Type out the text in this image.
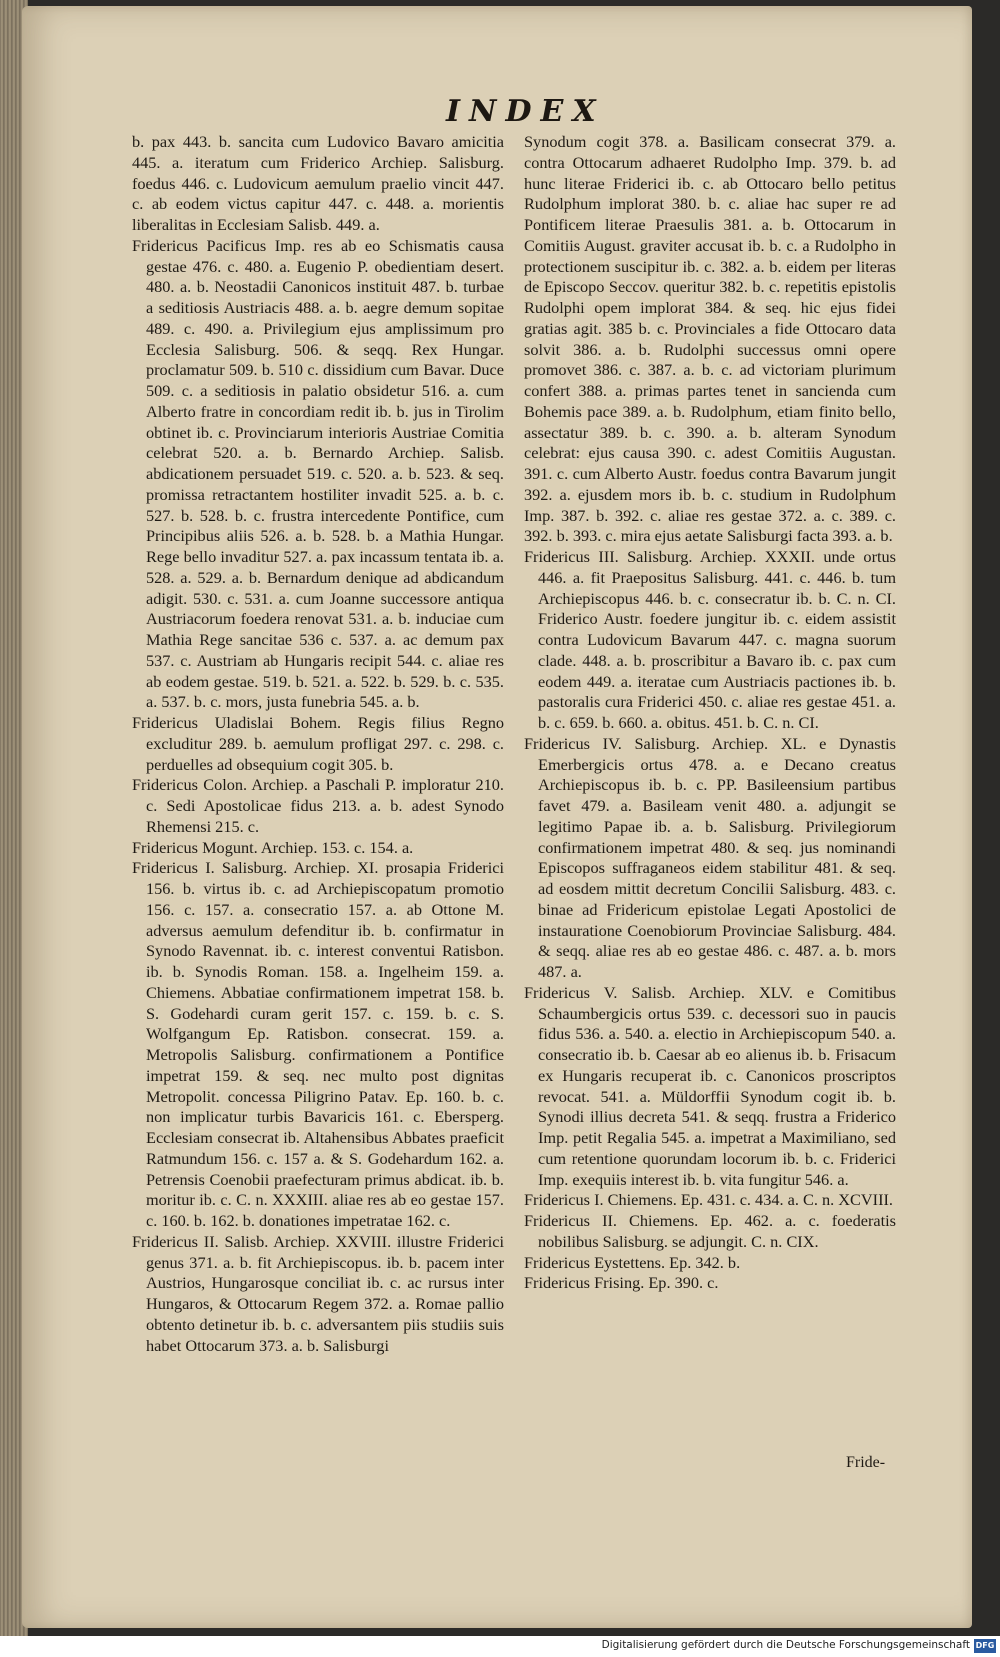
INDEX

b. pax 443. b. sancita cum Ludovico Bavaro amicitia 445. a. iteratum cum Friderico Archiep. Salisburg. foedus 446. c. Ludovicum aemulum praelio vincit 447. c. ab eodem victus capitur 447. c. 448. a. morientis liberalitas in Ecclesiam Salisb. 449. a.

Fridericus Pacificus Imp. res ab eo Schismatis causa gestae 476. c. 480. a. Eugenio P. obedientiam desert. 480. a. b. Neostadii Canonicos instituit 487. b. turbae a seditiosis Austriacis 488. a. b. aegre demum sopitae 489. c. 490. a. Privilegium ejus amplissimum pro Ecclesia Salisburg. 506. & seqq. Rex Hungar. proclamatur 509. b. 510 c. dissidium cum Bavar. Duce 509. c. a seditiosis in palatio obsidetur 516. a. cum Alberto fratre in concordiam redit ib. b. jus in Tirolim obtinet ib. c. Provinciarum interioris Austriae Comitia celebrat 520. a. b. Bernardo Archiep. Salisb. abdicationem persuadet 519. c. 520. a. b. 523. & seq. promissa retractantem hostiliter invadit 525. a. b. c. 527. b. 528. b. c. frustra intercedente Pontifice, cum Principibus aliis 526. a. b. 528. b. a Mathia Hungar. Rege bello invaditur 527. a. pax incassum tentata ib. a. 528. a. 529. a. b. Bernardum denique ad abdicandum adigit. 530. c. 531. a. cum Joanne successore antiqua Austriacorum foedera renovat 531. a. b. induciae cum Mathia Rege sancitae 536 c. 537. a. ac demum pax 537. c. Austriam ab Hungaris recipit 544. c. aliae res ab eodem gestae. 519. b. 521. a. 522. b. 529. b. c. 535. a. 537. b. c. mors, justa funebria 545. a. b.

Fridericus Uladislai Bohem. Regis filius Regno excluditur 289. b. aemulum profligat 297. c. 298. c. perduelles ad obsequium cogit 305. b.

Fridericus Colon. Archiep. a Paschali P. imploratur 210. c. Sedi Apostolicae fidus 213. a. b. adest Synodo Rhemensi 215. c.

Fridericus Mogunt. Archiep. 153. c. 154. a.

Fridericus I. Salisburg. Archiep. XI. prosapia Friderici 156. b. virtus ib. c. ad Archiepiscopatum promotio 156. c. 157. a. consecratio 157. a. ab Ottone M. adversus aemulum defenditur ib. b. confirmatur in Synodo Ravennat. ib. c. interest conventui Ratisbon. ib. b. Synodis Roman. 158. a. Ingelheim 159. a. Chiemens. Abbatiae confirmationem impetrat 158. b. S. Godehardi curam gerit 157. c. 159. b. c. S. Wolfgangum Ep. Ratisbon. consecrat. 159. a. Metropolis Salisburg. confirmationem a Pontifice impetrat 159. & seq. nec multo post dignitas Metropolit. concessa Piligrino Patav. Ep. 160. b. c. non implicatur turbis Bavaricis 161. c. Ebersperg. Ecclesiam consecrat ib. Altahensibus Abbates praeficit Ratmundum 156. c. 157 a. & S. Godehardum 162. a. Petrensis Coenobii praefecturam primus abdicat. ib. b. moritur ib. c. C. n. XXXIII. aliae res ab eo gestae 157. c. 160. b. 162. b. donationes impetratae 162. c.

Fridericus II. Salisb. Archiep. XXVIII. illustre Friderici genus 371. a. b. fit Archiepiscopus. ib. b. pacem inter Austrios, Hungarosque conciliat ib. c. ac rursus inter Hungaros, & Ottocarum Regem 372. a. Romae pallio obtento detinetur ib. b. c. adversantem piis studiis suis habet Ottocarum 373. a. b. Salisburgi

Synodum cogit 378. a. Basilicam consecrat 379. a. contra Ottocarum adhaeret Rudolpho Imp. 379. b. ad hunc literae Friderici ib. c. ab Ottocaro bello petitus Rudolphum implorat 380. b. c. aliae hac super re ad Pontificem literae Praesulis 381. a. b. Ottocarum in Comitiis August. graviter accusat ib. b. c. a Rudolpho in protectionem suscipitur ib. c. 382. a. b. eidem per literas de Episcopo Seccov. queritur 382. b. c. repetitis epistolis Rudolphi opem implorat 384. & seq. hic ejus fidei gratias agit. 385 b. c. Provinciales a fide Ottocaro data solvit 386. a. b. Rudolphi successus omni opere promovet 386. c. 387. a. b. c. ad victoriam plurimum confert 388. a. primas partes tenet in sancienda cum Bohemis pace 389. a. b. Rudolphum, etiam finito bello, assectatur 389. b. c. 390. a. b. alteram Synodum celebrat: ejus causa 390. c. adest Comitiis Augustan. 391. c. cum Alberto Austr. foedus contra Bavarum jungit 392. a. ejusdem mors ib. b. c. studium in Rudolphum Imp. 387. b. 392. c. aliae res gestae 372. a. c. 389. c. 392. b. 393. c. mira ejus aetate Salisburgi facta 393. a. b.

Fridericus III. Salisburg. Archiep. XXXII. unde ortus 446. a. fit Praepositus Salisburg. 441. c. 446. b. tum Archiepiscopus 446. b. c. consecratur ib. b. C. n. CI. Friderico Austr. foedere jungitur ib. c. eidem assistit contra Ludovicum Bavarum 447. c. magna suorum clade. 448. a. b. proscribitur a Bavaro ib. c. pax cum eodem 449. a. iteratae cum Austriacis pactiones ib. b. pastoralis cura Friderici 450. c. aliae res gestae 451. a. b. c. 659. b. 660. a. obitus. 451. b. C. n. CI.

Fridericus IV. Salisburg. Archiep. XL. e Dynastis Emerbergicis ortus 478. a. e Decano creatus Archiepiscopus ib. b. c. PP. Basileensium partibus favet 479. a. Basileam venit 480. a. adjungit se legitimo Papae ib. a. b. Salisburg. Privilegiorum confirmationem impetrat 480. & seq. jus nominandi Episcopos suffraganeos eidem stabilitur 481. & seq. ad eosdem mittit decretum Concilii Salisburg. 483. c. binae ad Fridericum epistolae Legati Apostolici de instauratione Coenobiorum Provinciae Salisburg. 484. & seqq. aliae res ab eo gestae 486. c. 487. a. b. mors 487. a.

Fridericus V. Salisb. Archiep. XLV. e Comitibus Schaumbergicis ortus 539. c. decessori suo in paucis fidus 536. a. 540. a. electio in Archiepiscopum 540. a. consecratio ib. b. Caesar ab eo alienus ib. b. Frisacum ex Hungaris recuperat ib. c. Canonicos proscriptos revocat. 541. a. Müldorffii Synodum cogit ib. b. Synodi illius decreta 541. & seqq. frustra a Friderico Imp. petit Regalia 545. a. impetrat a Maximiliano, sed cum retentione quorundam locorum ib. b. c. Friderici Imp. exequiis interest ib. b. vita fungitur 546. a.

Fridericus I. Chiemens. Ep. 431. c. 434. a. C. n. XCVIII.

Fridericus II. Chiemens. Ep. 462. a. c. foederatis nobilibus Salisburg. se adjungit. C. n. CIX.

Fridericus Eystettens. Ep. 342. b.

Fridericus Frising. Ep. 390. c.

Fride-
Digitalisierung gefördert durch die Deutsche Forschungsgemeinschaft DFG
